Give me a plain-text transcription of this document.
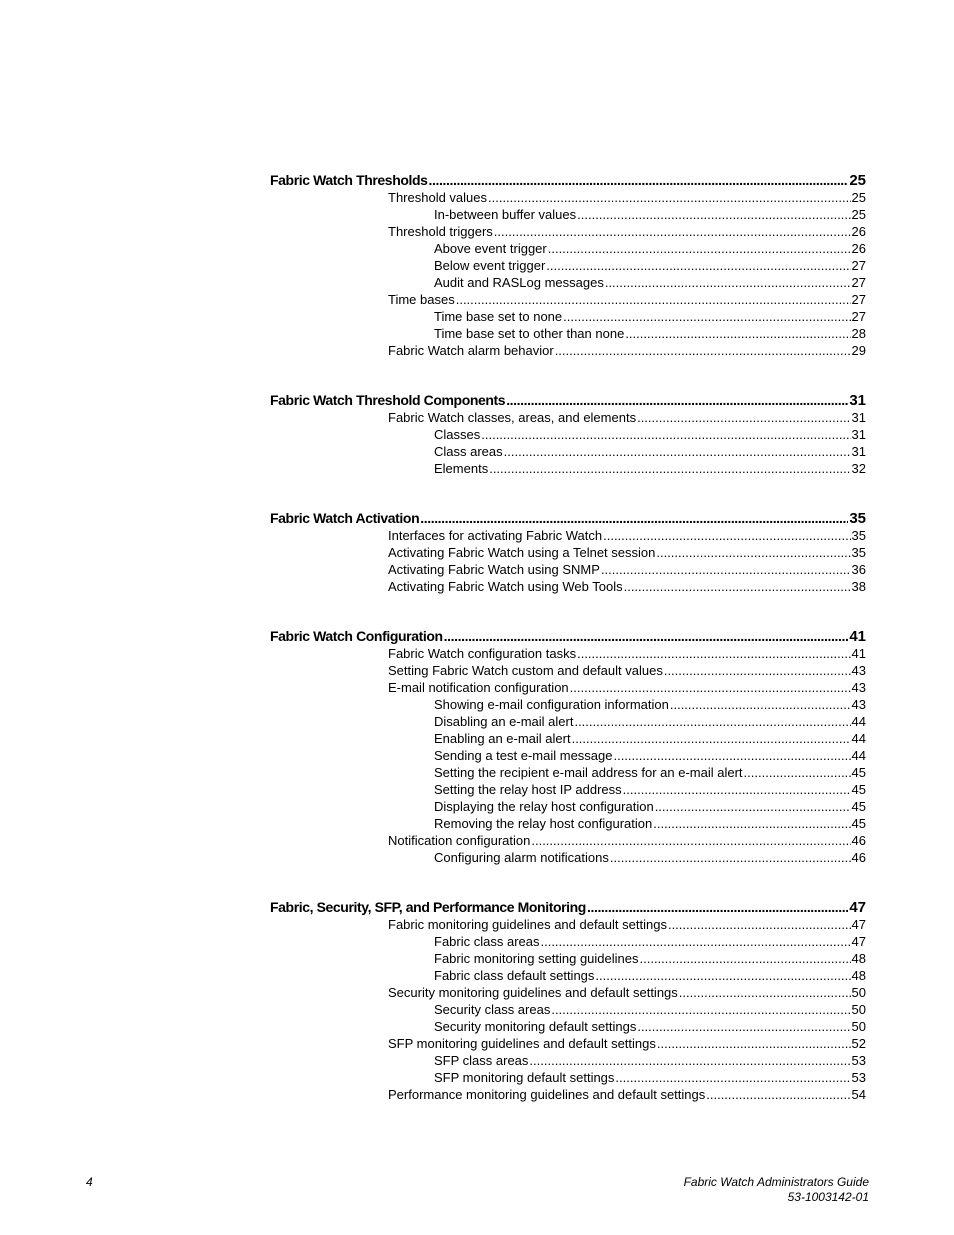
Fabric Watch Thresholds .....	25
Threshold values .....	25
In-between buffer values .....	25
Threshold triggers .....	26
Above event trigger .....	26
Below event trigger .....	27
Audit and RASLog messages .....	27
Time bases .....	27
Time base set to none .....	27
Time base set to other than none .....	28
Fabric Watch alarm behavior .....	29
Fabric Watch Threshold Components .....	31
Fabric Watch classes, areas, and elements .....	31
Classes .....	31
Class areas .....	31
Elements .....	32
Fabric Watch Activation .....	35
Interfaces for activating Fabric Watch .....	35
Activating Fabric Watch using a Telnet session .....	35
Activating Fabric Watch using SNMP .....	36
Activating Fabric Watch using Web Tools .....	38
Fabric Watch Configuration .....	41
Fabric Watch configuration tasks .....	41
Setting Fabric Watch custom and default values .....	43
E-mail notification configuration .....	43
Showing e-mail configuration information .....	43
Disabling an e-mail alert .....	44
Enabling an e-mail alert .....	44
Sending a test e-mail message .....	44
Setting the recipient e-mail address for an e-mail alert .....	45
Setting the relay host IP address .....	45
Displaying the relay host configuration .....	45
Removing the relay host configuration .....	45
Notification configuration .....	46
Configuring alarm notifications .....	46
Fabric, Security, SFP, and Performance Monitoring .....	47
Fabric monitoring guidelines and default settings .....	47
Fabric class areas .....	47
Fabric monitoring setting guidelines .....	48
Fabric class default settings .....	48
Security monitoring guidelines and default settings .....	50
Security class areas .....	50
Security monitoring default settings .....	50
SFP monitoring guidelines and default settings .....	52
SFP class areas .....	53
SFP monitoring default settings .....	53
Performance monitoring guidelines and default settings .....	54
4	Fabric Watch Administrators Guide
53-1003142-01
